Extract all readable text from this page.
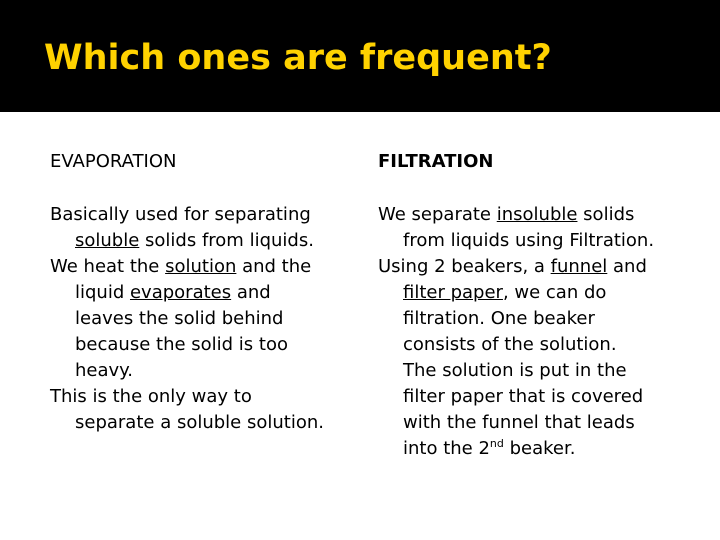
Which ones are frequent?
EVAPORATION
Basically used for separating
soluble solids from liquids.
We heat the solution and the
liquid evaporates and
leaves the solid behind
because the solid is too
heavy.
This is the only way to
separate a soluble solution.
FILTRATION
We separate insoluble solids
from liquids using Filtration.
Using 2 beakers, a funnel and
filter paper, we can do
filtration. One beaker
consists of the solution.
The solution is put in the
filter paper that is covered
with the funnel that leads
into the 2nd beaker.
